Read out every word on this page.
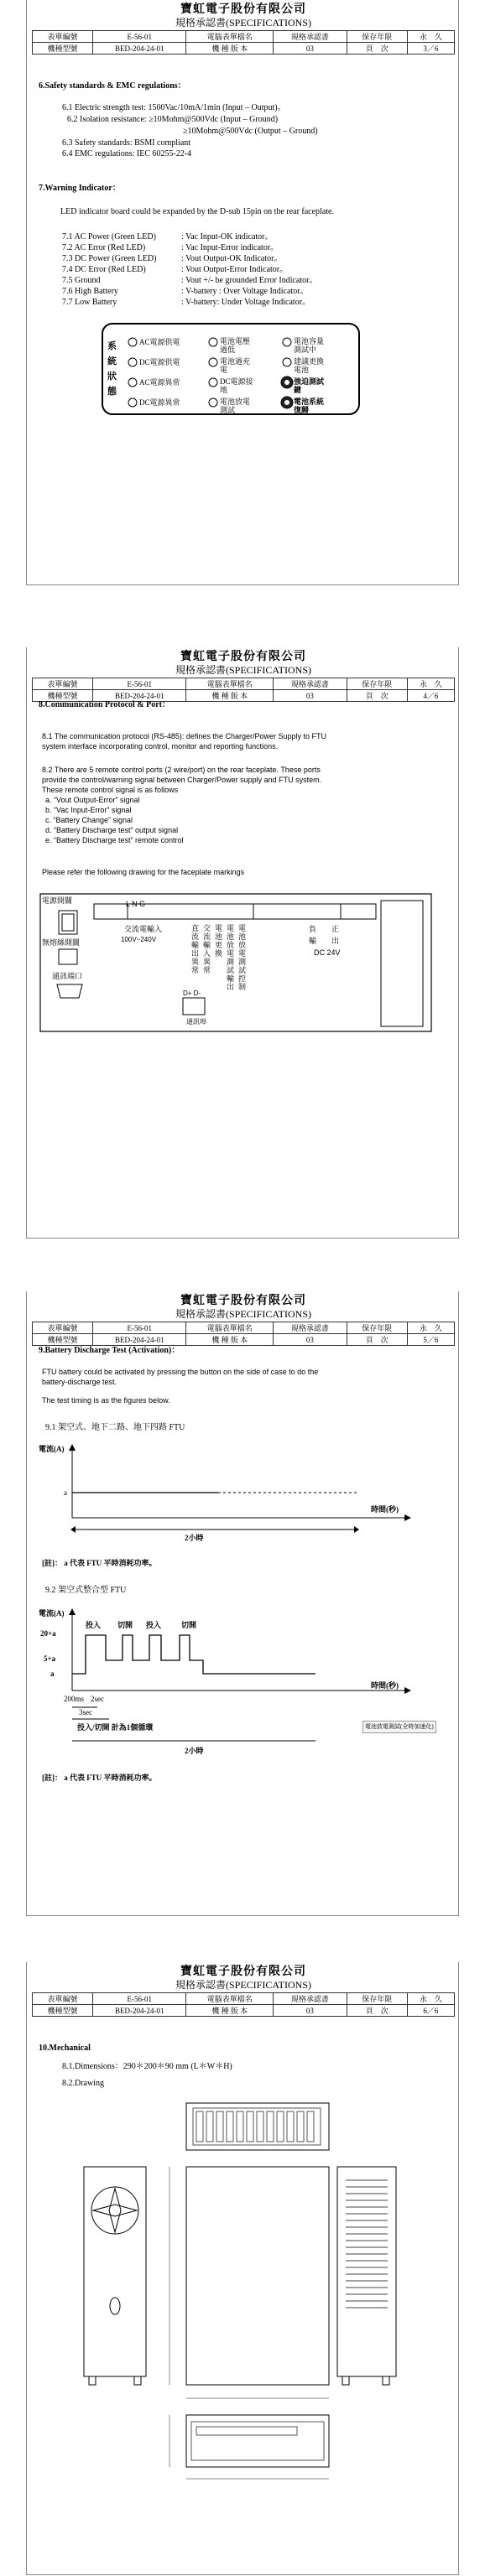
寶虹電子股份有限公司
規格承認書(SPECIFICATIONS)
表單編號	E-56-01	電腦表單檔名	規格承認書	保存年限	永　久
機種型號	BED-204-24-01	機 種 版 本	03	頁　次	3／6
6.Safety standards & EMC regulations：
6.1 Electric strength test: 1500Vac/10mA/1min (Input – Output)。
6.2 Isolation resistance: ≥10Mohm@500Vdc (Input – Ground)
≥10Mohm@500Vdc (Output – Ground)
6.3 Safety standards: BSMI compliant
6.4 EMC regulations: IEC 60255-22-4
7.Warning Indicator：
LED indicator board could be expanded by the D-sub 15pin on the rear faceplate.
7.1 AC Power (Green LED)	: Vac Input-OK indicator。
7.2 AC Error (Red LED)	: Vac Input-Error indicator。
7.3 DC Power (Green LED)	: Vout Output-OK Indicator。
7.4 DC Error (Red LED)	: Vout Output-Error Indicator。
7.5 Ground	: Vout +/- be grounded Error Indicator。
7.6 High Battery	: V-battery : Over Voltage Indicator。
7.7 Low Battery	: V-battery: Under Voltage Indicator。
系
統
狀
態
AC電源供電
DC電源供電
AC電源異常
DC電源異常
電池電壓過低
電池過充電
DC電源接地
電池放電測試
電池容量測試中
建議更換電池
強迫測試鍵
電池系統復歸
寶虹電子股份有限公司
規格承認書(SPECIFICATIONS)
表單編號	E-56-01	電腦表單檔名	規格承認書	保存年限	永　久
機種型號	BED-204-24-01	機 種 版 本	03	頁　次	4／6
8.Communication Protocol & Port：
8.1 The communication protocol (RS-485): defines the Charger/Power Supply to FTU
system interface incorporating control, monitor and reporting functions.
8.2 There are 5 remote control ports (2 wire/port) on the rear faceplate. These ports
provide the control/warning signal between Charger/Power supply and FTU system.
These remote control signal is as follows
a. “Vout Output-Error” signal
b. “Vac Input-Error” signal
c. “Battery Change” signal
d. “Battery Discharge test” output signal
e. “Battery Discharge test” remote control
Please refer the following drawing for the faceplate markings
電源開關
無熔絲開關
通訊端口
L N G
交流電輸入
100V~240V
直流輸出異常
交流輸入異常
電池更換
電池放電測試輸出
電池放電測試控制
負　　正
輸　　出
DC 24V
D+ D-
通訊埠
寶虹電子股份有限公司
規格承認書(SPECIFICATIONS)
表單編號	E-56-01	電腦表單檔名	規格承認書	保存年限	永　久
機種型號	BED-204-24-01	機 種 版 本	03	頁　次	5／6
9.Battery Discharge Test (Activation)：
FTU battery could be activated by pressing the button on the side of case to do the
battery-discharge test.
The test timing is as the figures below.
9.1 架空式、地下二路、地下四路 FTU
電流(A)
a
時間(秒)
2小時
[註]： a 代表 FTU 平時消耗功率。
9.2 架空式整合型 FTU
電流(A)
20+a
5+a
a
投入 切開 投入	切開
時間(秒)
200ms 2sec
3sec
投入/切開 計為1個循環	電池放電測試(全時加速化)
2小時
[註]： a 代表 FTU 平時消耗功率。
寶虹電子股份有限公司
規格承認書(SPECIFICATIONS)
表單編號	E-56-01	電腦表單檔名	規格承認書	保存年限	永　久
機種型號	BED-204-24-01	機 種 版 本	03	頁　次	6／6
10.Mechanical
8.1.Dimensions：290＊200＊90 mm (L＊W＊H)
8.2.Drawing
